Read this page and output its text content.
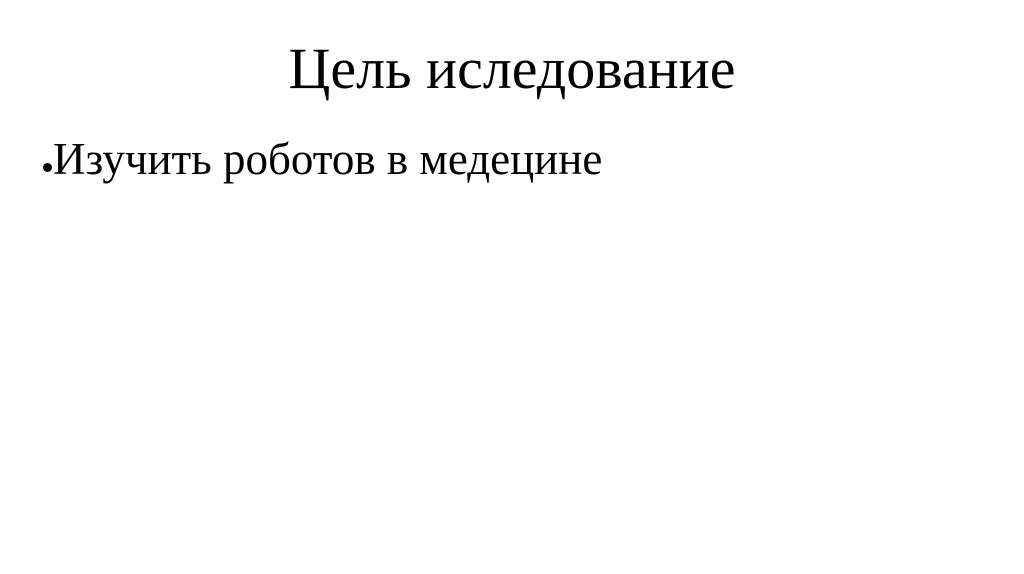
Цель иследование
Изучить роботов в медецине
